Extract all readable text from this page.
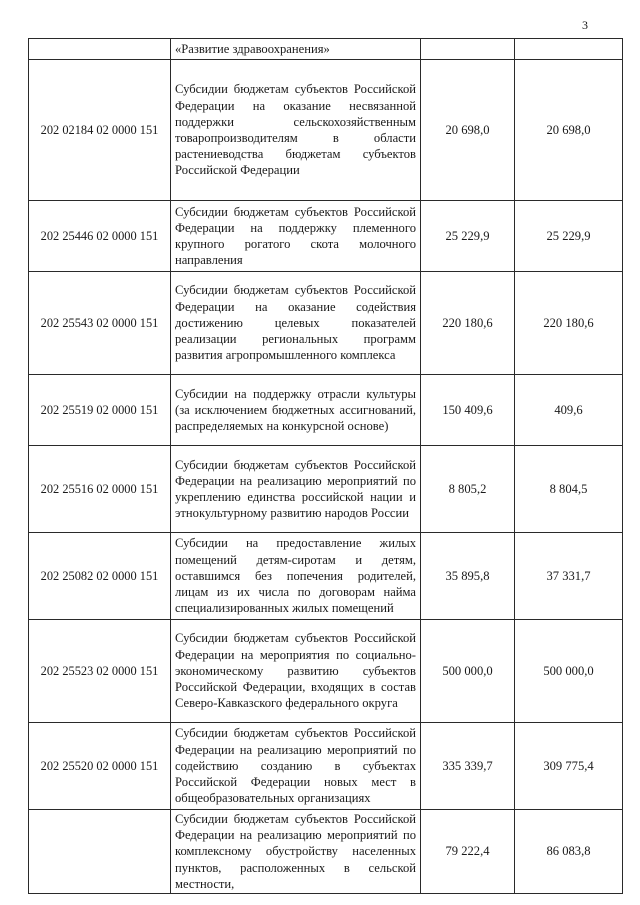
3
	«Развитие здравоохранения»		
202 02184 02 0000 151	Субсидии бюджетам субъектов Российской Федерации на оказание несвязанной поддержки сельскохозяйственным товаропроизводителям в области растениеводства бюджетам субъектов Российской Федерации	20 698,0	20 698,0
202 25446 02 0000 151	Субсидии бюджетам субъектов Российской Федерации на поддержку племенного крупного рогатого скота молочного направления	25 229,9	25 229,9
202 25543 02 0000 151	Субсидии бюджетам субъектов Российской Федерации на оказание содействия достижению целевых показателей реализации региональных программ развития агропромышленного комплекса	220 180,6	220 180,6
202 25519 02 0000 151	Субсидии на поддержку отрасли культуры (за исключением бюджетных ассигнований, распределяемых на конкурсной основе)	150 409,6	409,6
202 25516 02 0000 151	Субсидии бюджетам субъектов Российской Федерации на реализацию мероприятий по укреплению единства российской нации и этнокультурному развитию народов России	8 805,2	8 804,5
202 25082 02 0000 151	Субсидии на предоставление жилых помещений детям-сиротам и детям, оставшимся без попечения родителей, лицам из их числа по договорам найма специализированных жилых помещений	35 895,8	37 331,7
202 25523 02 0000 151	Субсидии бюджетам субъектов Российской Федерации на мероприятия по социально-экономическому развитию субъектов Российской Федерации, входящих в состав Северо-Кавказского федерального округа	500 000,0	500 000,0
202 25520 02 0000 151	Субсидии бюджетам субъектов Российской Федерации на реализацию мероприятий по содействию созданию в субъектах Российской Федерации новых мест в общеобразовательных организациях	335 339,7	309 775,4
	Субсидии бюджетам субъектов Российской Федерации на реализацию мероприятий по комплексному обустройству населенных пунктов, расположенных в сельской местности,	79 222,4	86 083,8
